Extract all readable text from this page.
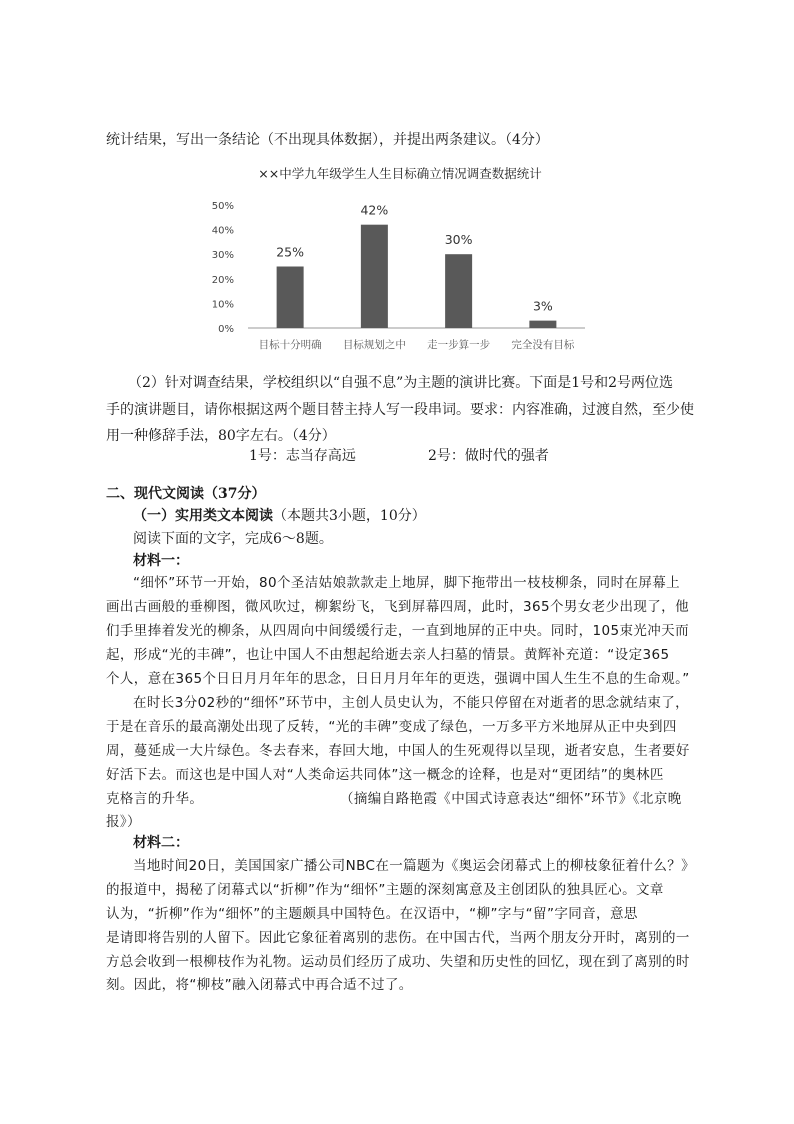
统计结果，写出一条结论（不出现具体数据），并提出两条建议。（4分）
××中学九年级学生人生目标确立情况调查数据统计
0%
10%
20%
30%
40%
50%
25%
目标十分明确
42%
目标规划之中
30%
走一步算一步
3%
完全没有目标
（2）针对调查结果，学校组织以“自强不息”为主题的演讲比赛。下面是1号和2号两位选
手的演讲题目，请你根据这两个题目替主持人写一段串词。要求：内容准确，过渡自然，至少使
用一种修辞手法，80字左右。（4分）
1号：志当存高远	2号：做时代的强者
二、现代文阅读（37分）
（一）实用类文本阅读（本题共3小题，10分）
阅读下面的文字，完成6～8题。
材料一：
“细怀”环节一开始，80个圣洁姑娘款款走上地屏，脚下拖带出一枝枝柳条，同时在屏幕上
画出古画般的垂柳图，微风吹过，柳絮纷飞，飞到屏幕四周，此时，365个男女老少出现了，他
们手里捧着发光的柳条，从四周向中间缓缓行走，一直到地屏的正中央。同时，105束光冲天而
起，形成“光的丰碑”，也让中国人不由想起给逝去亲人扫墓的情景。黄辉补充道：“设定365
个人，意在365个日日月月年年的思念，日日月月年年的更迭，强调中国人生生不息的生命观。”
在时长3分02秒的“细怀”环节中，主创人员史认为，不能只停留在对逝者的思念就结束了，
于是在音乐的最高潮处出现了反转，“光的丰碑”变成了绿色，一万多平方米地屏从正中央到四
周，蔓延成一大片绿色。冬去春来，春回大地，中国人的生死观得以呈现，逝者安息，生者要好
好活下去。而这也是中国人对“人类命运共同体”这一概念的诠释，也是对“更团结”的奥林匹
克格言的升华。	（摘编自路艳霞《中国式诗意表达“细怀”环节》《北京晚
报》）
材料二：
当地时间20日，美国国家广播公司NBC在一篇题为《奥运会闭幕式上的柳枝象征着什么？》
的报道中，揭秘了闭幕式以“折柳”作为“细怀”主题的深刻寓意及主创团队的独具匠心。文章
认为，“折柳”作为“细怀”的主题颇具中国特色。在汉语中，“柳”字与“留”字同音，意思
是请即将告别的人留下。因此它象征着离别的悲伤。在中国古代，当两个朋友分开时，离别的一
方总会收到一根柳枝作为礼物。运动员们经历了成功、失望和历史性的回忆，现在到了离别的时
刻。因此，将“柳枝”融入闭幕式中再合适不过了。
